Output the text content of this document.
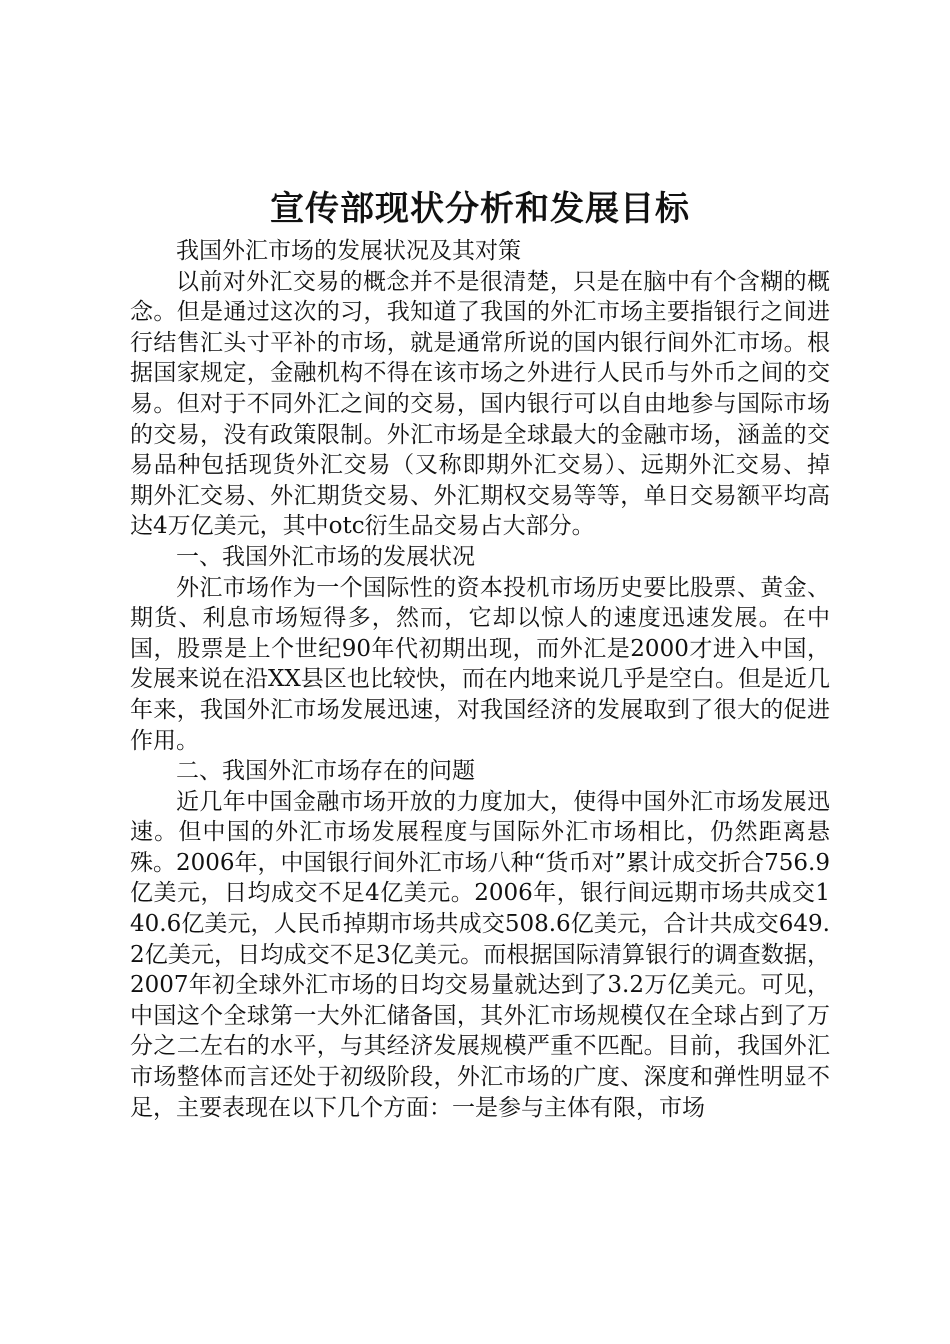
宣传部现状分析和发展目标

我国外汇市场的发展状况及其对策

以前对外汇交易的概念并不是很清楚，只是在脑中有个含糊的概念。但是通过这次的习，我知道了我国的外汇市场主要指银行之间进行结售汇头寸平补的市场，就是通常所说的国内银行间外汇市场。根据国家规定，金融机构不得在该市场之外进行人民币与外币之间的交易。但对于不同外汇之间的交易，国内银行可以自由地参与国际市场的交易，没有政策限制。外汇市场是全球最大的金融市场，涵盖的交易品种包括现货外汇交易（又称即期外汇交易）、远期外汇交易、掉期外汇交易、外汇期货交易、外汇期权交易等等，单日交易额平均高达4万亿美元，其中otc衍生品交易占大部分。

一、我国外汇市场的发展状况

外汇市场作为一个国际性的资本投机市场历史要比股票、黄金、期货、利息市场短得多，然而，它却以惊人的速度迅速发展。在中国，股票是上个世纪90年代初期出现，而外汇是2000才进入中国，发展来说在沿XX县区也比较快，而在内地来说几乎是空白。但是近几年来，我国外汇市场发展迅速，对我国经济的发展取到了很大的促进作用。

二、我国外汇市场存在的问题

近几年中国金融市场开放的力度加大，使得中国外汇市场发展迅速。但中国的外汇市场发展程度与国际外汇市场相比，仍然距离悬殊。2006年，中国银行间外汇市场八种“货币对”累计成交折合756.9亿美元，日均成交不足4亿美元。2006年，银行间远期市场共成交140.6亿美元，人民币掉期市场共成交508.6亿美元，合计共成交649.2亿美元，日均成交不足3亿美元。而根据国际清算银行的调查数据，2007年初全球外汇市场的日均交易量就达到了3.2万亿美元。可见，中国这个全球第一大外汇储备国，其外汇市场规模仅在全球占到了万分之二左右的水平，与其经济发展规模严重不匹配。目前，我国外汇市场整体而言还处于初级阶段，外汇市场的广度、深度和弹性明显不足，主要表现在以下几个方面：一是参与主体有限，市场
